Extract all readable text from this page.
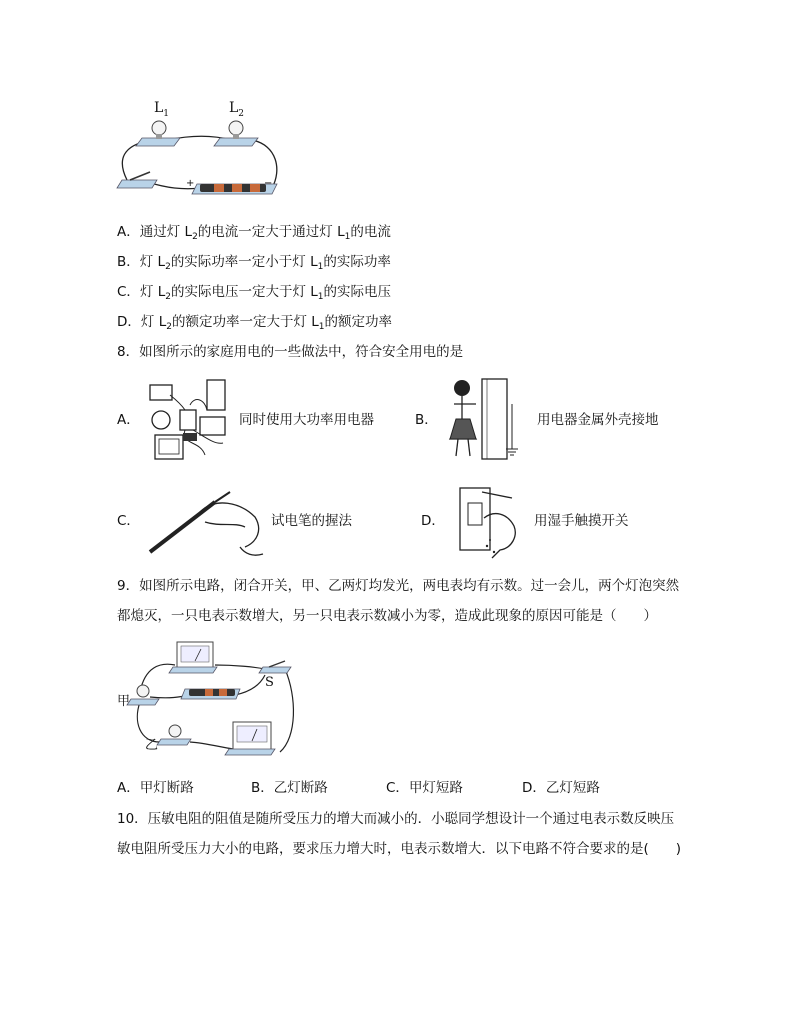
$L_1$	$L_2$
+	−
A．通过灯 $L_2$的电流一定大于通过灯 $L_1$的电流
B．灯 $L_2$的实际功率一定小于灯 $L_1$的实际功率
C．灯 $L_2$的实际电压一定大于灯 $L_1$的实际电压
D．灯 $L_2$的额定功率一定大于灯 $L_1$的额定功率
8．如图所示的家庭用电的一些做法中，符合安全用电的是
A．	同时使用大功率用电器	B．	用电器金属外壳接地
C．	试电笔的握法	D．	用湿手触摸开关
9．如图所示电路，闭合开关，甲、乙两灯均发光，两电表均有示数。过一会儿，两个灯泡突然
都熄灭，一只电表示数增大，另一只电表示数减小为零，造成此现象的原因可能是（　　）
甲
乙
S
A．甲灯断路	B．乙灯断路	C．甲灯短路	D．乙灯短路
10．压敏电阻的阻值是随所受压力的增大而减小的．小聪同学想设计一个通过电表示数反映压
敏电阻所受压力大小的电路，要求压力增大时，电表示数增大．以下电路不符合要求的是(　　)
